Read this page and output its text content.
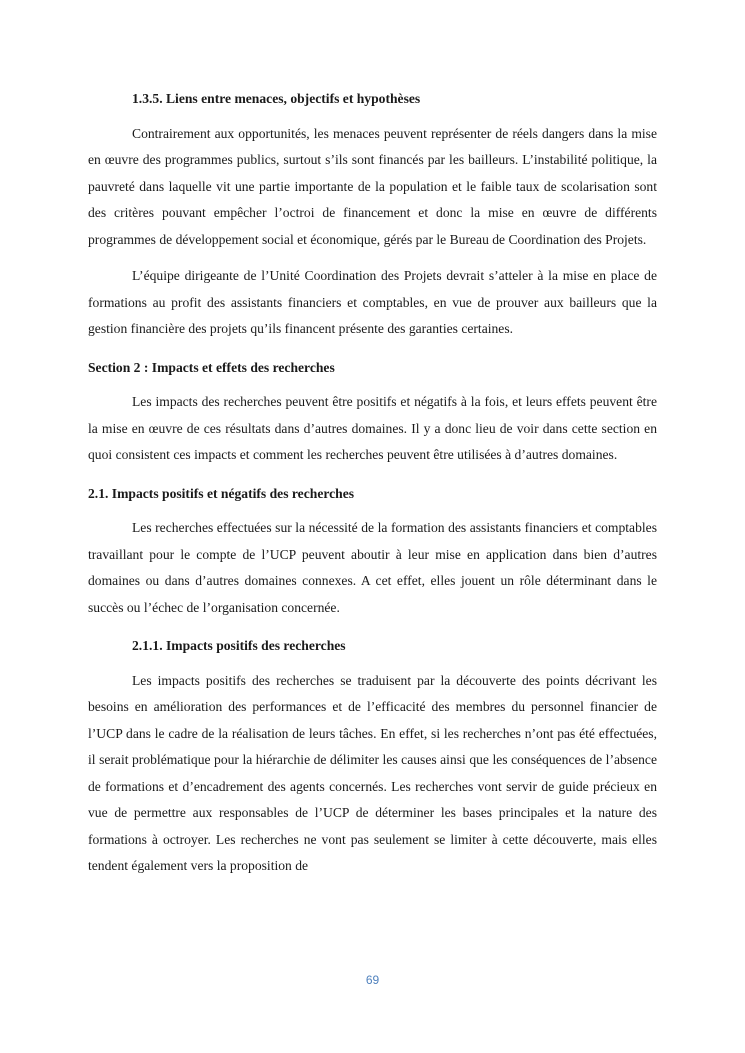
1.3.5. Liens entre menaces, objectifs et hypothèses

Contrairement aux opportunités, les menaces peuvent représenter de réels dangers dans la mise en œuvre des programmes publics, surtout s’ils sont financés par les bailleurs. L’instabilité politique, la pauvreté dans laquelle vit une partie importante de la population et le faible taux de scolarisation sont des critères pouvant empêcher l’octroi de financement et donc la mise en œuvre de différents programmes de développement social et économique, gérés par le Bureau de Coordination des Projets.

L’équipe dirigeante de l’Unité Coordination des Projets devrait s’atteler à la mise en place de formations au profit des assistants financiers et comptables, en vue de prouver aux bailleurs que la gestion financière des projets qu’ils financent présente des garanties certaines.

Section 2 : Impacts et effets des recherches

Les impacts des recherches peuvent être positifs et négatifs à la fois, et leurs effets peuvent être la mise en œuvre de ces résultats dans d’autres domaines. Il y a donc lieu de voir dans cette section en quoi consistent ces impacts et comment les recherches peuvent être utilisées à d’autres domaines.

2.1. Impacts positifs et négatifs des recherches

Les recherches effectuées sur la nécessité de la formation des assistants financiers et comptables travaillant pour le compte de l’UCP peuvent aboutir à leur mise en application dans bien d’autres domaines ou dans d’autres domaines connexes. A cet effet, elles jouent un rôle déterminant dans le succès ou l’échec de l’organisation concernée.

2.1.1. Impacts positifs des recherches

Les impacts positifs des recherches se traduisent par la découverte des points décrivant les besoins en amélioration des performances et de l’efficacité des membres du personnel financier de l’UCP dans le cadre de la réalisation de leurs tâches. En effet, si les recherches n’ont pas été effectuées, il serait problématique pour la hiérarchie de délimiter les causes ainsi que les conséquences de l’absence de formations et d’encadrement des agents concernés. Les recherches vont servir de guide précieux en vue de permettre aux responsables de l’UCP de déterminer les bases principales et la nature des formations à octroyer. Les recherches ne vont pas seulement se limiter à cette découverte, mais elles tendent également vers la proposition de

69
